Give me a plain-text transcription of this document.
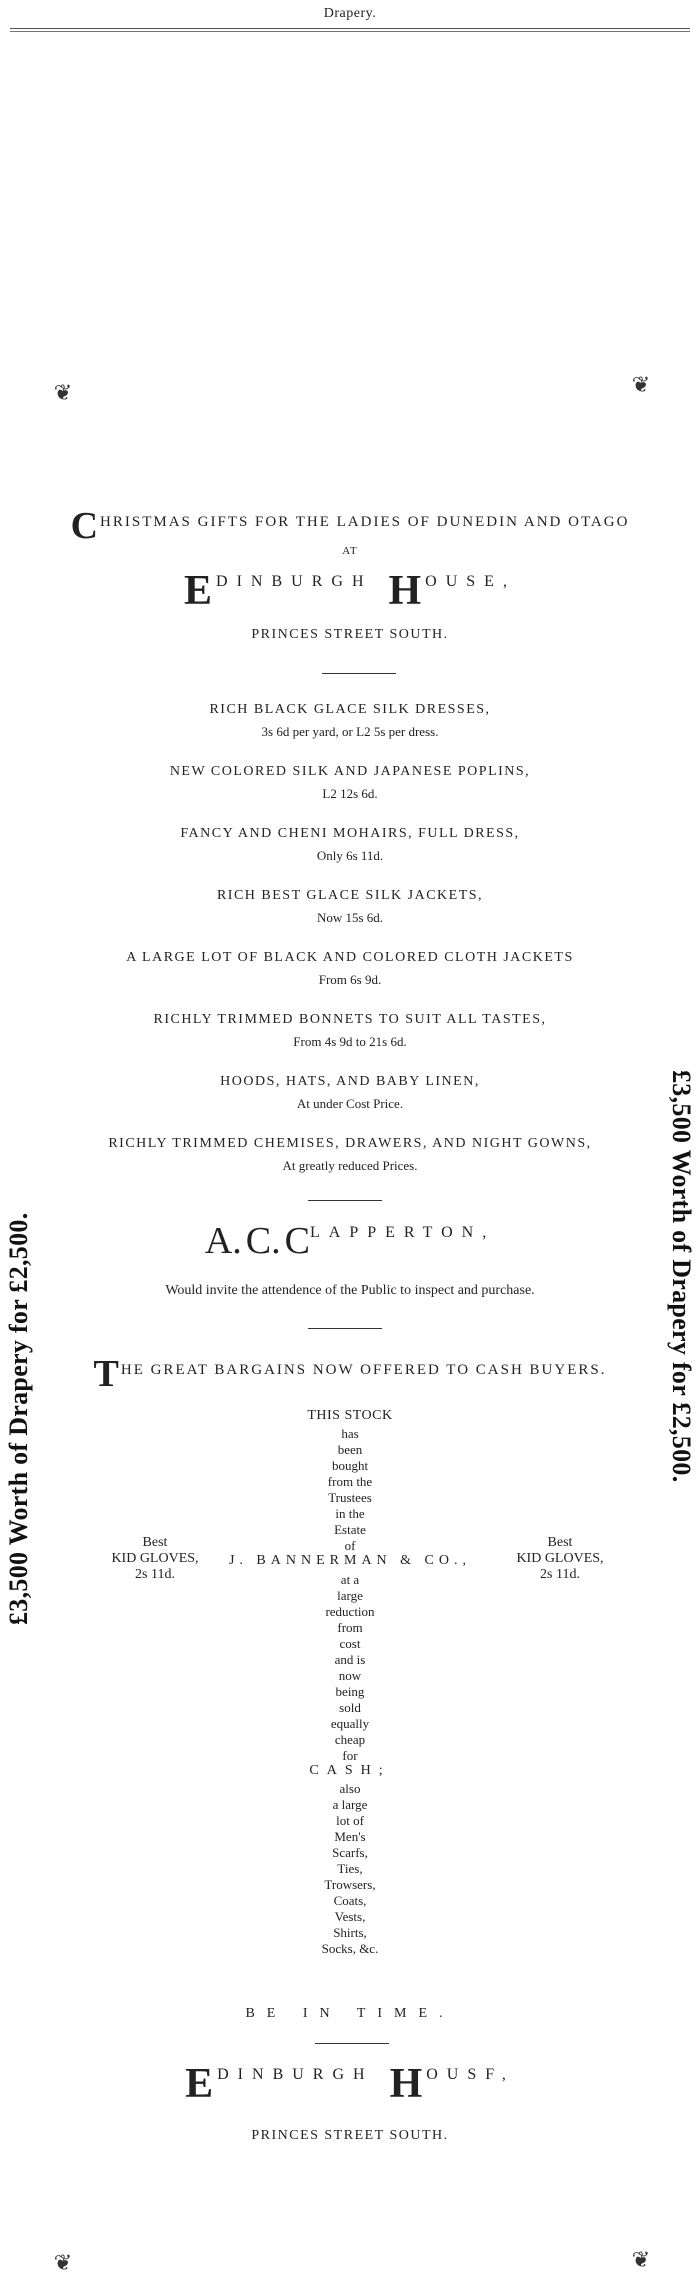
Drapery.
❦	❦
❦	❦
£3,500 Worth of Drapery for £2,500.	£3,500 Worth of Drapery for £2,500.
CHRISTMAS GIFTS FOR THE LADIES OF DUNEDIN AND OTAGO
AT
E DINBURGH H OUSE,
PRINCES STREET SOUTH.
RICH BLACK GLACE SILK DRESSES,
3s 6d per yard, or L2 5s per dress.
NEW COLORED SILK AND JAPANESE POPLINS,
L2 12s 6d.
FANCY AND CHENI MOHAIRS, FULL DRESS,
Only 6s 11d.
RICH BEST GLACE SILK JACKETS,
Now 15s 6d.
A LARGE LOT OF BLACK AND COLORED CLOTH JACKETS
From 6s 9d.
RICHLY TRIMMED BONNETS TO SUIT ALL TASTES,
From 4s 9d to 21s 6d.
HOODS, HATS, AND BABY LINEN,
At under Cost Price.
RICHLY TRIMMED CHEMISES, DRAWERS, AND NIGHT GOWNS,
At greatly reduced Prices.
A. C. CLAPPERTON,
Would invite the attendence of the Public to inspect and purchase.
THE GREAT BARGAINS NOW OFFERED TO CASH BUYERS.
THIS STOCK
has
been
bought
from the
Trustees
in the
Estate
of
J. BANNERMAN & CO.,
Best
KID GLOVES,
2s 11d.
Best
KID GLOVES,
2s 11d.
at a
large
reduction
from
cost
and is
now
being
sold
equally
cheap
for
CASH;
also
a large
lot of
Men's
Scarfs,
Ties,
Trowsers,
Coats,
Vests,
Shirts,
Socks, &c.
BE IN TIME.
E DINBURGH H OUSF,
PRINCES STREET SOUTH.
